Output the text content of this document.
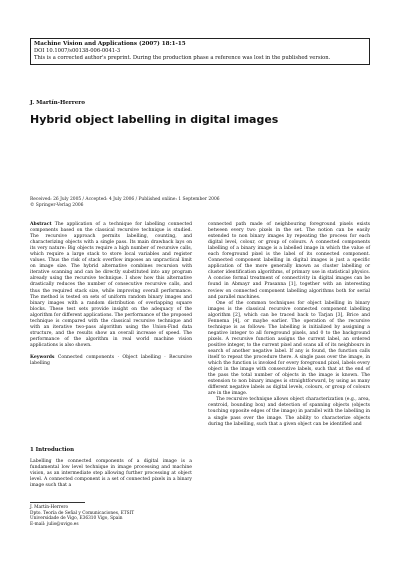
Machine Vision and Applications (2007) 18:1-15
DOI 10.1007/s00138-006-0041-3
This is a corrected author's preprint. During the production phase a reference was lost in the published version.
J. Martín-Herrero
Hybrid object labelling in digital images
Received: 26 July 2005 / Accepted: 4 July 2006 / Published online: 1 September 2006
© Springer-Verlag 2006

Abstract The application of a technique for labelling connected components based on the classical recursive technique is studied. The recursive approach permits labelling, counting, and characterizing objects with a single pass. Its main drawback lays on its very nature: Big objects require a high number of recursive calls, which require a large stack to store local variables and register values. Thus the risk of stack overflow imposes an unpractical limit on image size. The hybrid alternative combines recursion with iterative scanning and can be directly substituted into any program already using the recursive technique. I show how this alternative drastically reduces the number of consecutive recursive calls, and thus the required stack size, while improving overall performance. The method is tested on sets of uniform random binary images and binary images with a random distribution of overlapping square blocks. These test sets provide insight on the adequacy of the algorithm for different applications. The performance of the proposed technique is compared with the classical recursive technique and with an iterative two-pass algorithm using the Union-Find data structure, and the results show an overall increase of speed. The performance of the algorithm in real world machine vision applications is also shown.

Keywords Connected components · Object labelling · Recursive labelling

1 Introduction
Labelling the connected components of a digital image is a fundamental low level technique in image processing and machine vision, as an intermediate step allowing further processing at object level. A connected component is a set of connected pixels in a binary image such that a
J. Martín-Herrero
Dpto. Teoría de Señal y Comunicaciones, ETSIT
Universidade de Vigo, E36310 Vigo, Spain
E-mail: julio@uvigo.es

connected path made of neighbouring foreground pixels exists between every two pixels in the set. The notion can be easily extended to non binary images by repeating the process for each digital level, colour, or group of colours. A connected components labelling of a binary image is a labelled image in which the value of each foreground pixel is the label of its connected component. Connected component labelling in digital images is just a specific application of the more generally known as cluster labelling or cluster identification algorithms, of primary use in statistical physics. A concise formal treatment of connectivity in digital images can be found in Abmayr and Prasanna [1], together with an interesting review on connected component labelling algorithms both for serial and parallel machines.

One of the common techniques for object labelling in binary images is the classical recursive connected component labelling algorithm [2], which can be traced back to Tarjan [3], Brice and Fennema [4], or maybe earlier. The operation of the recursive technique is as follows: The labelling is initialized by assigning a negative integer to all foreground pixels, and 0 to the background pixels. A recursive function assigns the current label, an ordered positive integer, to the current pixel and scans all of its neighbours in search of another negative label. If any is found, the function calls itself to repeat the procedure there. A single pass over the image, in which the function is invoked for every foreground pixel, labels every object in the image with consecutive labels, such that at the end of the pass the total number of objects in the image is known. The extension to non binary images is straightforward, by using as many different negative labels as digital levels, colours, or group of colours are in the image.

The recursive technique allows object characterization (e.g., area, centroid, bounding box) and detection of spanning objects (objects touching opposite edges of the image) in parallel with the labelling in a single pass over the image. The ability to characterize objects during the labelling, such that a given object can be identified and
